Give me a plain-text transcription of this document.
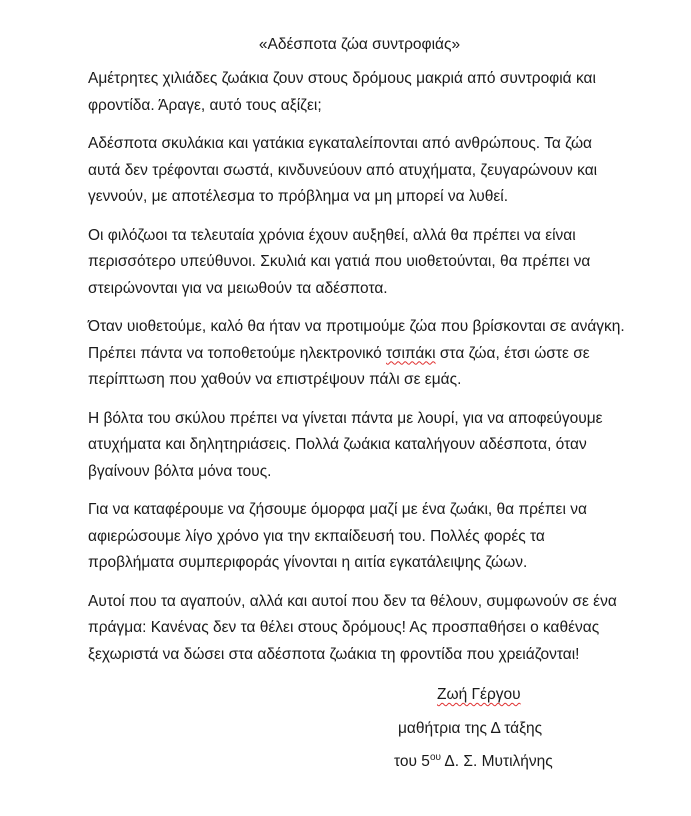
«Αδέσποτα ζώα συντροφιάς»

Αμέτρητες χιλιάδες ζωάκια ζουν στους δρόμους μακριά από συντροφιά και φροντίδα. Άραγε, αυτό τους αξίζει;

Αδέσποτα σκυλάκια και γατάκια εγκαταλείπονται από ανθρώπους. Τα ζώα αυτά δεν τρέφονται σωστά, κινδυνεύουν από ατυχήματα, ζευγαρώνουν και γεννούν, με αποτέλεσμα το πρόβλημα να μη μπορεί να λυθεί.

Οι φιλόζωοι τα τελευταία χρόνια έχουν αυξηθεί, αλλά θα πρέπει να είναι περισσότερο υπεύθυνοι. Σκυλιά και γατιά που υιοθετούνται, θα πρέπει να στειρώνονται για να μειωθούν τα αδέσποτα.

Όταν υιοθετούμε, καλό θα ήταν να προτιμούμε ζώα που βρίσκονται σε ανάγκη. Πρέπει πάντα να τοποθετούμε ηλεκτρονικό τσιπάκι στα ζώα, έτσι ώστε σε περίπτωση που χαθούν να επιστρέψουν πάλι σε εμάς.

Η βόλτα του σκύλου πρέπει να γίνεται πάντα με λουρί, για να αποφεύγουμε ατυχήματα και δηλητηριάσεις. Πολλά ζωάκια καταλήγουν αδέσποτα, όταν βγαίνουν βόλτα μόνα τους.

Για να καταφέρουμε να ζήσουμε όμορφα μαζί με ένα ζωάκι, θα πρέπει να αφιερώσουμε λίγο χρόνο για την εκπαίδευσή του. Πολλές φορές τα προβλήματα συμπεριφοράς γίνονται η αιτία εγκατάλειψης ζώων.

Αυτοί που τα αγαπούν, αλλά και αυτοί που δεν τα θέλουν, συμφωνούν σε ένα πράγμα: Κανένας δεν τα θέλει στους δρόμους! Ας προσπαθήσει ο καθένας ξεχωριστά να δώσει στα αδέσποτα ζωάκια τη φροντίδα που χρειάζονται!

Ζωή Γέργου
μαθήτρια της Δ τάξης
του $5^{o\upsilon}$ Δ. Σ. Μυτιλήνης
